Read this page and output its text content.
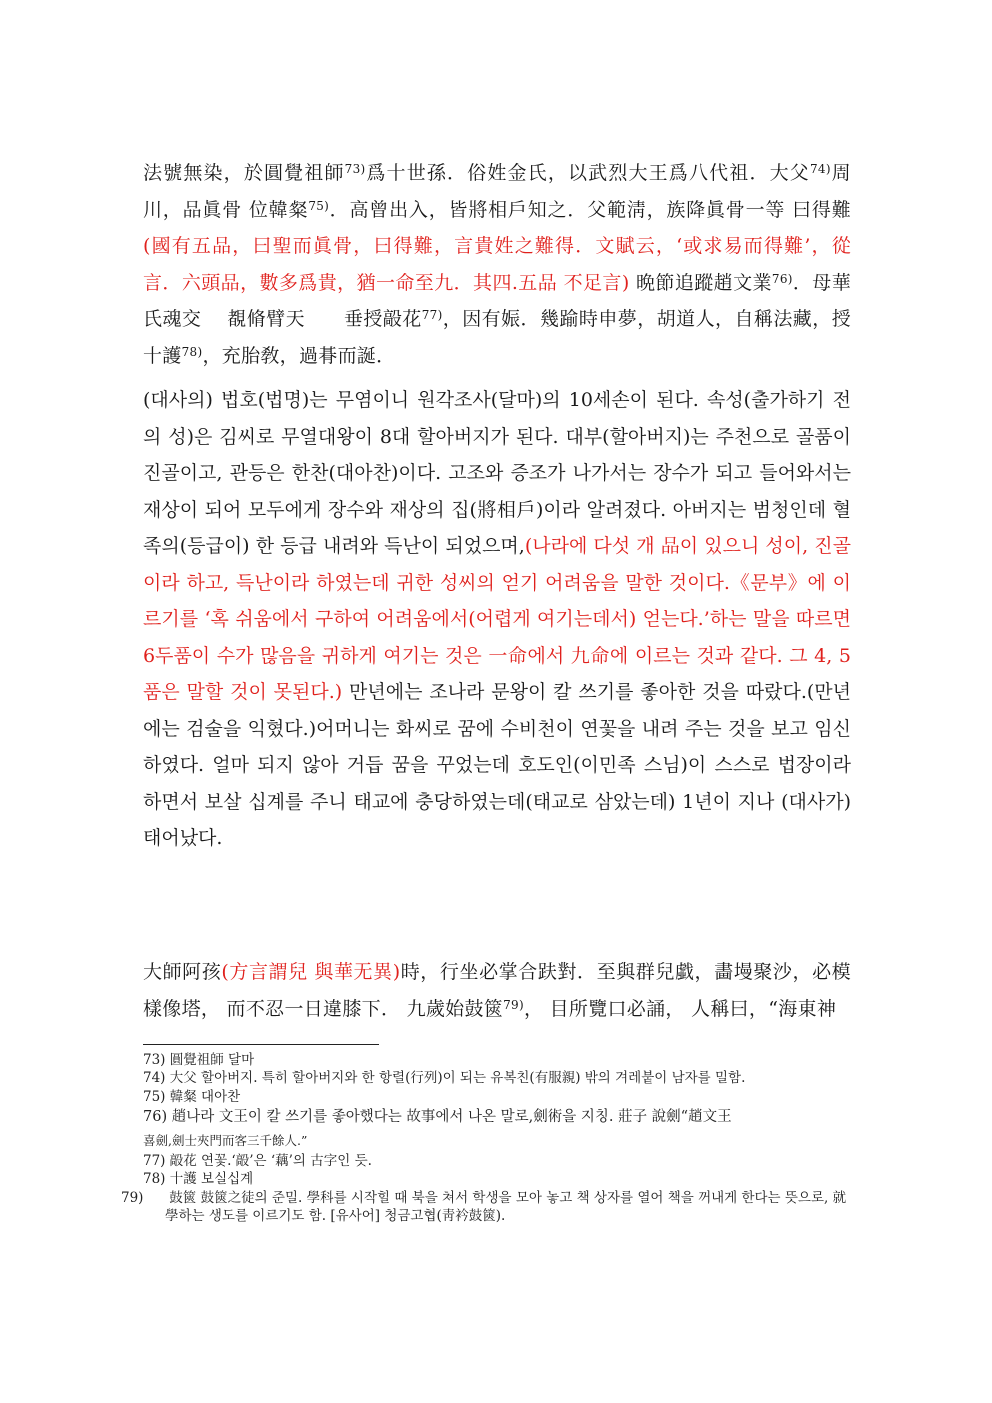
法號無染，於圓覺祖師$^{73)}$爲十世孫．俗姓金氏，以武烈大王爲八代祖．大父$^{74)}$周川，品眞骨 位韓粲$^{75)}$．高曾出入，皆將相戶知之．父範淸，族降眞骨一等 曰得難(國有五品，曰聖而眞骨，曰得難，言貴姓之難得．文賦云，‘或求易而得難’，從言．六頭品，數多爲貴，猶一命至九．其四.五品 不足言) 晩節追蹤趙文業$^{76)}$．母華氏魂交　 覩脩臂天　　垂授毃花$^{77)}$，因有娠．幾踰時申夢，胡道人，自稱法藏，授十護$^{78)}$，充胎敎，過朞而誕．

(대사의) 법호(법명)는 무염이니 원각조사(달마)의 10세손이 된다. 속성(출가하기 전의 성)은 김씨로 무열대왕이 8대 할아버지가 된다. 대부(할아버지)는 주천으로 골품이 진골이고, 관등은 한찬(대아찬)이다. 고조와 증조가 나가서는 장수가 되고 들어와서는 재상이 되어 모두에게 장수와 재상의 집(將相戶)이라 알려졌다. 아버지는 범청인데 혈족의(등급이) 한 등급 내려와 득난이 되었으며,(나라에 다섯 개 品이 있으니 성이, 진골이라 하고, 득난이라 하였는데 귀한 성씨의 얻기 어려움을 말한 것이다.《문부》에 이르기를 ‘혹 쉬움에서 구하여 어려움에서(어렵게 여기는데서) 얻는다.’하는 말을 따르면 6두품이 수가 많음을 귀하게 여기는 것은 一命에서 九命에 이르는 것과 같다. 그 4, 5품은 말할 것이 못된다.) 만년에는 조나라 문왕이 칼 쓰기를 좋아한 것을 따랐다.(만년에는 검술을 익혔다.)어머니는 화씨로 꿈에 수비천이 연꽃을 내려 주는 것을 보고 임신하였다. 얼마 되지 않아 거듭 꿈을 꾸었는데 호도인(이민족 스님)이 스스로 법장이라 하면서 보살 십계를 주니 태교에 충당하였는데(태교로 삼았는데) 1년이 지나 (대사가)태어났다.

大師阿孩(方言謂兒 與華无異)時，行坐必掌合趺對．至與群兒戱，畵墁聚沙，必模樣像塔， 而不忍一日違膝下． 九歲始鼓篋$^{79)}$， 目所覽口必誦， 人稱曰，“海東神

73) 圓覺祖師 달마

74) 大父 할아버지. 특히 할아버지와 한 항렬(行列)이 되는 유복친(有服親) 밖의 겨레붙이 남자를 밀함.

75) 韓粲 대아찬

76) 趙나라 文王이 칼 쓰기를 좋아했다는 故事에서 나온 말로,劍術을 지칭. 莊子 說劍“趙文王

喜劍,劍士夾門而客三千餘人.”

77) 毃花 연꽃.‘毃’은 ‘藕’의 古字인 듯.

78) 十護 보실십계

79) 鼓篋 鼓篋之徒의 준밀. 學科를 시작힐 때 북을 쳐서 학생을 모아 놓고 책 상자를 열어 책을 꺼내게 한다는 뜻으로, 就學하는 생도를 이르기도 함. [유사어] 청금고협(靑衿鼓篋).
